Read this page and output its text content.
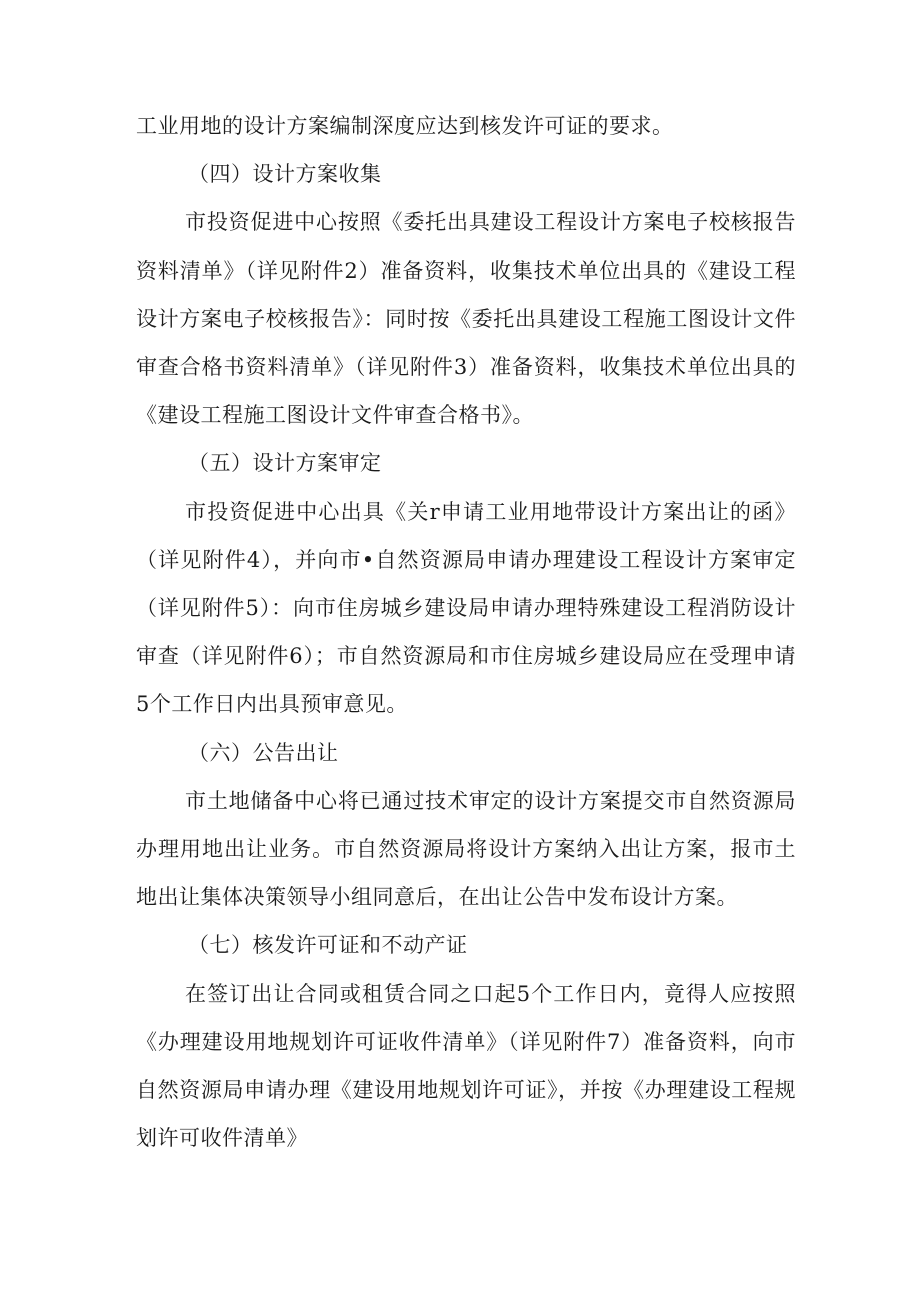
工业用地的设计方案编制深度应达到核发许可证的要求。

（四）设计方案收集

市投资促进中心按照《委托出具建设工程设计方案电子校核报告资料清单》（详见附件2）准备资料，收集技术单位出具的《建设工程设计方案电子校核报告》：同时按《委托出具建设工程施工图设计文件审查合格书资料清单》（详见附件3）准备资料，收集技术单位出具的《建设工程施工图设计文件审查合格书》。

（五）设计方案审定

市投资促进中心出具《关r申请工业用地带设计方案出让的函》（详见附件4），并向市•自然资源局申请办理建设工程设计方案审定（详见附件5）：向市住房城乡建设局申请办理特殊建设工程消防设计审查（详见附件6）；市自然资源局和市住房城乡建设局应在受理申请5个工作日内出具预审意见。

（六）公告出让

市土地储备中心将已通过技术审定的设计方案提交市自然资源局办理用地出让业务。市自然资源局将设计方案纳入出让方案，报市土地出让集体决策领导小组同意后，在出让公告中发布设计方案。

（七）核发许可证和不动产证

在签订出让合同或租赁合同之口起5个工作日内，竟得人应按照《办理建设用地规划许可证收件清单》（详见附件7）准备资料，向市自然资源局申请办理《建设用地规划许可证》，并按《办理建设工程规划许可收件清单》
